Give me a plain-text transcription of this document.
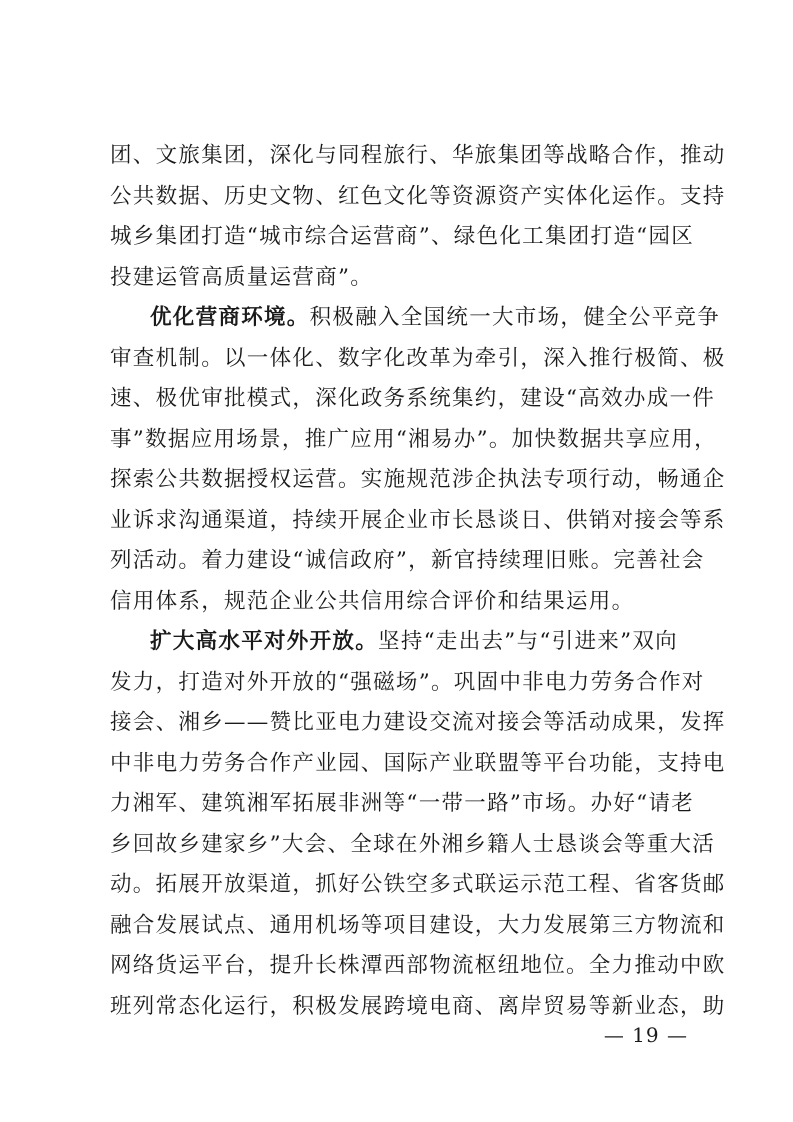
团、文旅集团，深化与同程旅行、华旅集团等战略合作，推动
公共数据、历史文物、红色文化等资源资产实体化运作。支持
城乡集团打造“城市综合运营商”、绿色化工集团打造“园区
投建运管高质量运营商”。
优化营商环境。积极融入全国统一大市场，健全公平竞争
审查机制。以一体化、数字化改革为牵引，深入推行极简、极
速、极优审批模式，深化政务系统集约，建设“高效办成一件
事”数据应用场景，推广应用“湘易办”。加快数据共享应用，
探索公共数据授权运营。实施规范涉企执法专项行动，畅通企
业诉求沟通渠道，持续开展企业市长恳谈日、供销对接会等系
列活动。着力建设“诚信政府”，新官持续理旧账。完善社会
信用体系，规范企业公共信用综合评价和结果运用。
扩大高水平对外开放。坚持“走出去”与“引进来”双向
发力，打造对外开放的“强磁场”。巩固中非电力劳务合作对
接会、湘乡——赞比亚电力建设交流对接会等活动成果，发挥
中非电力劳务合作产业园、国际产业联盟等平台功能，支持电
力湘军、建筑湘军拓展非洲等“一带一路”市场。办好“请老
乡回故乡建家乡”大会、全球在外湘乡籍人士恳谈会等重大活
动。拓展开放渠道，抓好公铁空多式联运示范工程、省客货邮
融合发展试点、通用机场等项目建设，大力发展第三方物流和
网络货运平台，提升长株潭西部物流枢纽地位。全力推动中欧
班列常态化运行，积极发展跨境电商、离岸贸易等新业态，助
— 19 —
